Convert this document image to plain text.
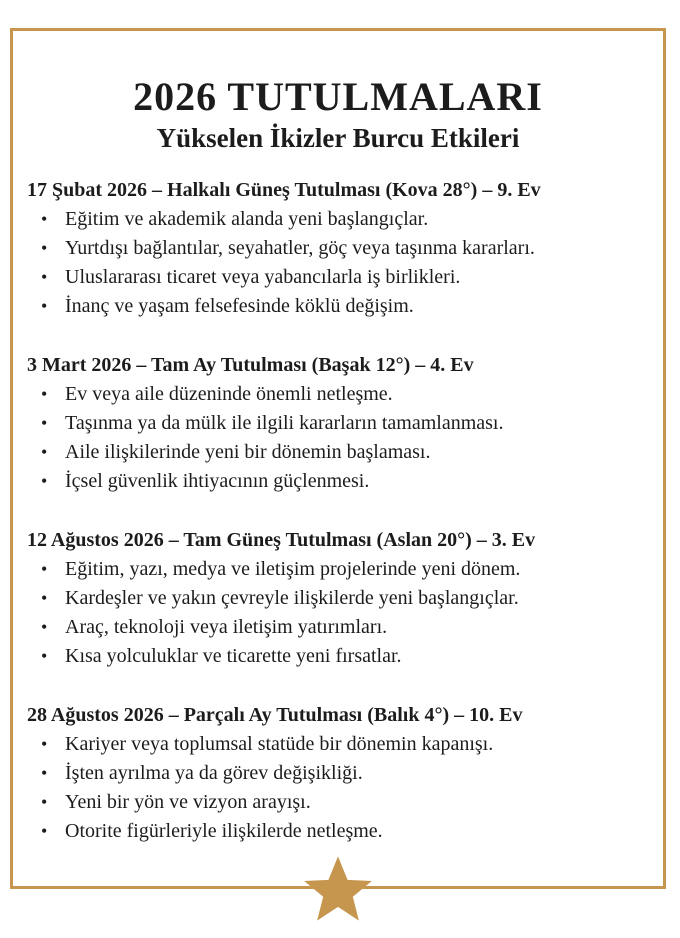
2026 TUTULMALARI
Yükselen İkizler Burcu Etkileri
17 Şubat 2026 – Halkalı Güneş Tutulması (Kova 28°) – 9. Ev
• Eğitim ve akademik alanda yeni başlangıçlar.
• Yurtdışı bağlantılar, seyahatler, göç veya taşınma kararları.
• Uluslararası ticaret veya yabancılarla iş birlikleri.
• İnanç ve yaşam felsefesinde köklü değişim.
3 Mart 2026 – Tam Ay Tutulması (Başak 12°) – 4. Ev
• Ev veya aile düzeninde önemli netleşme.
• Taşınma ya da mülk ile ilgili kararların tamamlanması.
• Aile ilişkilerinde yeni bir dönemin başlaması.
• İçsel güvenlik ihtiyacının güçlenmesi.
12 Ağustos 2026 – Tam Güneş Tutulması (Aslan 20°) – 3. Ev
• Eğitim, yazı, medya ve iletişim projelerinde yeni dönem.
• Kardeşler ve yakın çevreyle ilişkilerde yeni başlangıçlar.
• Araç, teknoloji veya iletişim yatırımları.
• Kısa yolculuklar ve ticarette yeni fırsatlar.
28 Ağustos 2026 – Parçalı Ay Tutulması (Balık 4°) – 10. Ev
• Kariyer veya toplumsal statüde bir dönemin kapanışı.
• İşten ayrılma ya da görev değişikliği.
• Yeni bir yön ve vizyon arayışı.
• Otorite figürleriyle ilişkilerde netleşme.
